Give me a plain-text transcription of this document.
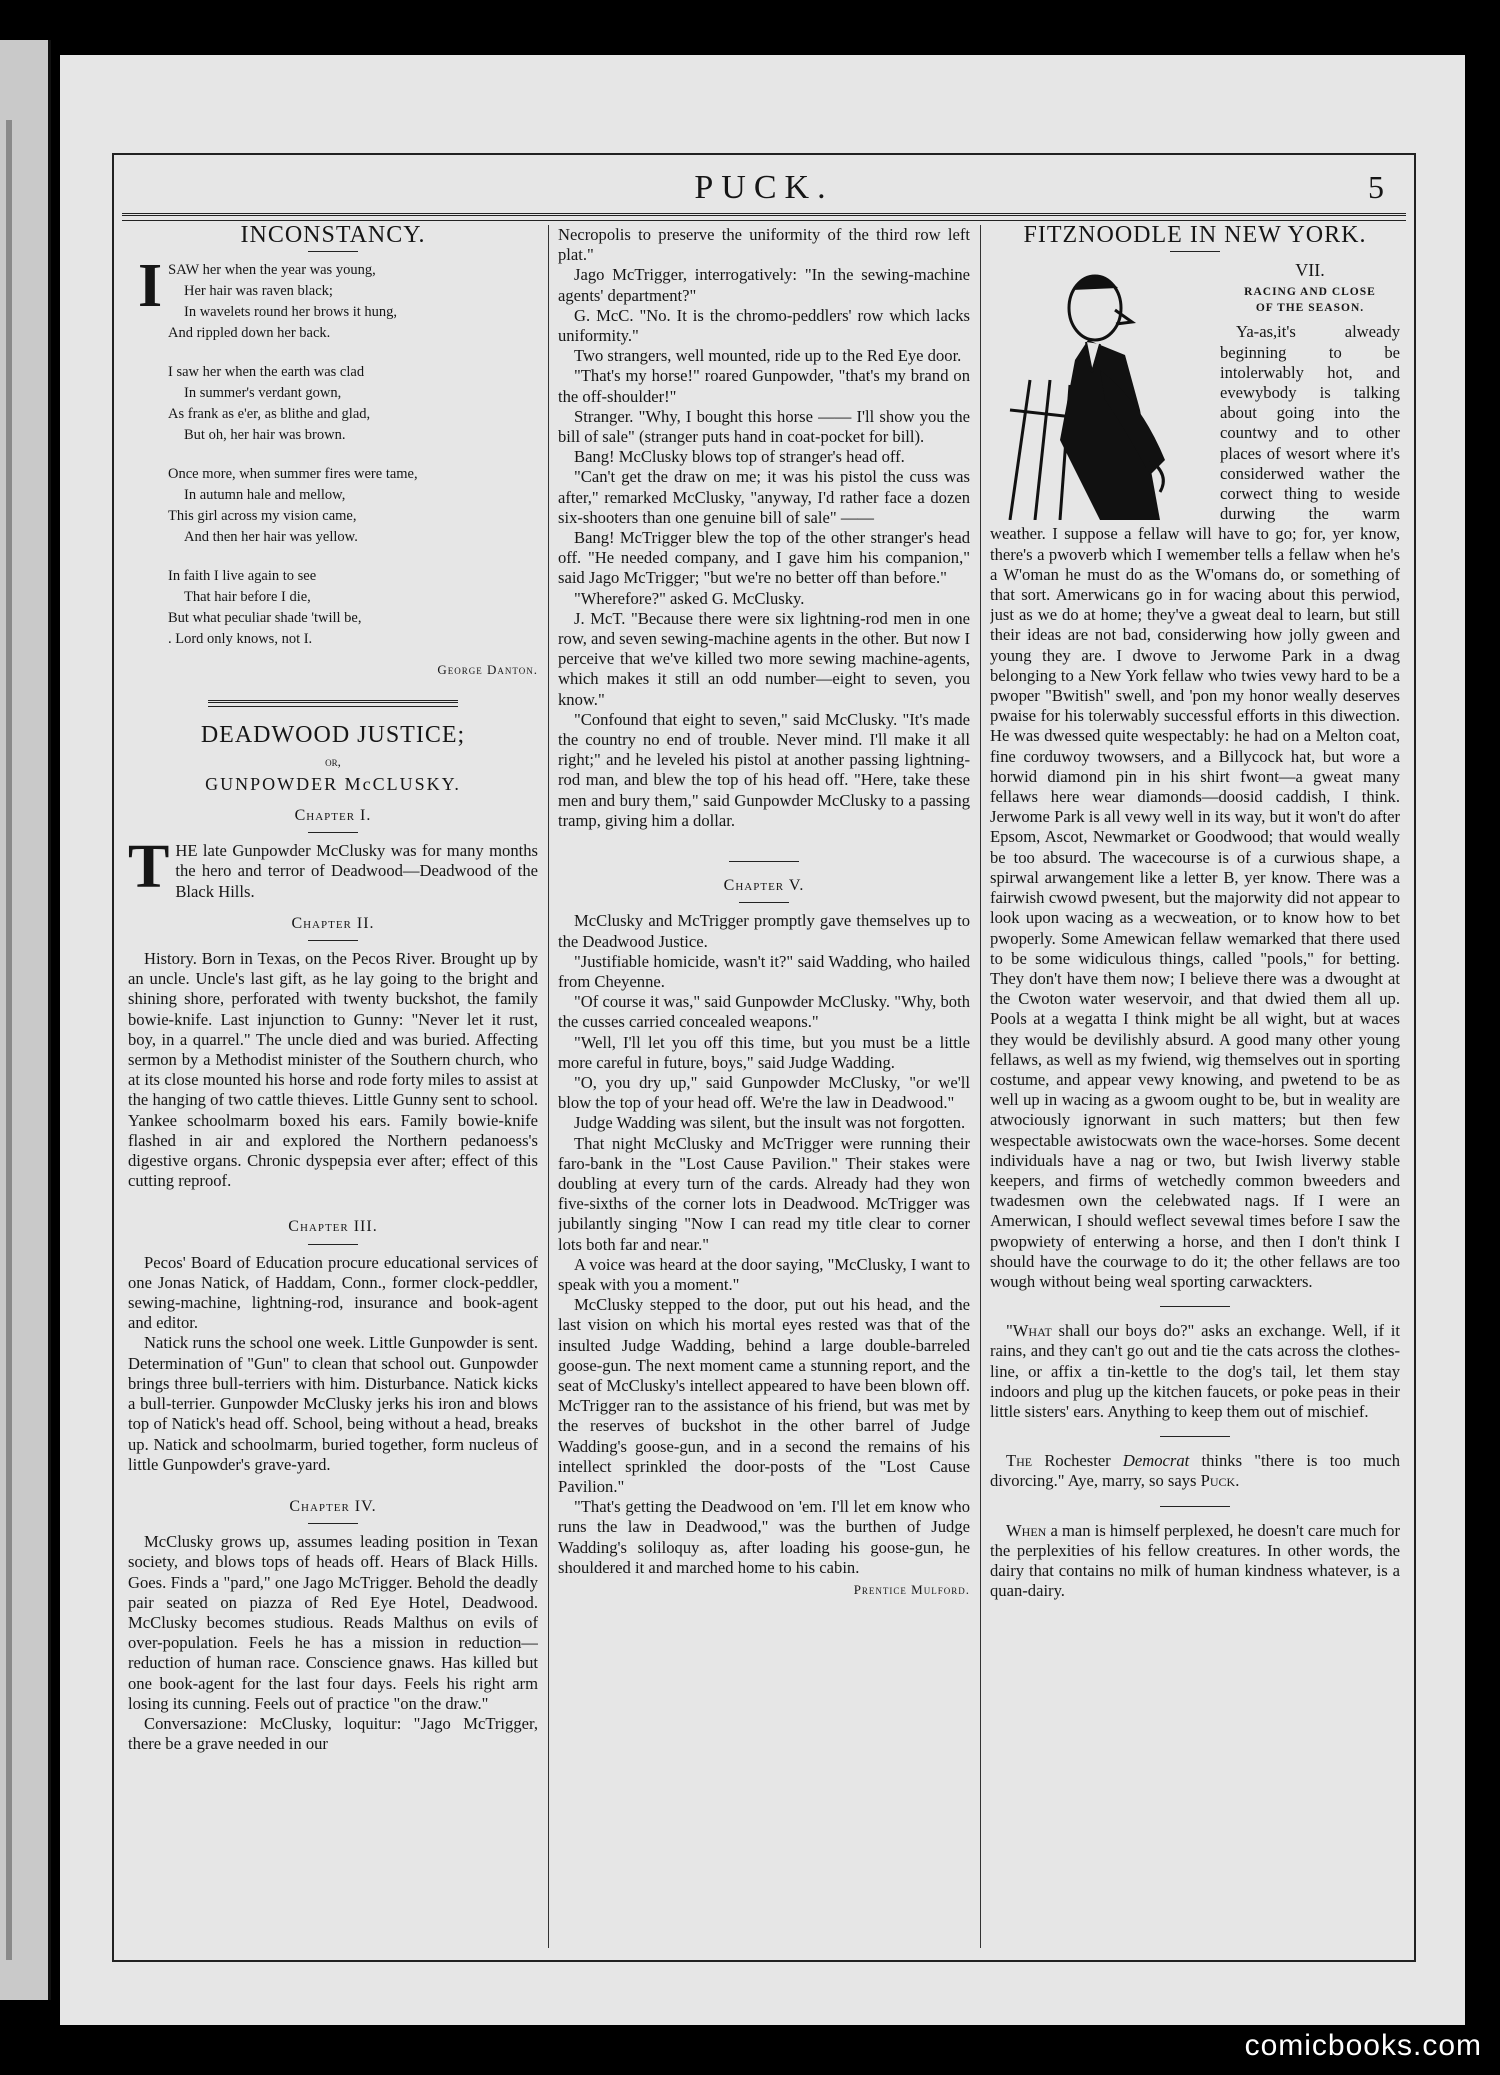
PUCK.	5
INCONSTANCY.
I SAW her when the year was young,
Her hair was raven black;
In wavelets round her brows it hung,
And rippled down her back.
I saw her when the earth was clad
In summer's verdant gown,
As frank as e'er, as blithe and glad,
But oh, her hair was brown.
Once more, when summer fires were tame,
In autumn hale and mellow,
This girl across my vision came,
And then her hair was yellow.
In faith I live again to see
That hair before I die,
But what peculiar shade 'twill be,
. Lord only knows, not I.
George Danton.
DEADWOOD JUSTICE;
or,
GUNPOWDER McCLUSKY.
Chapter I.

T HE late Gunpowder McClusky was for many months the hero and terror of Deadwood—Deadwood of the Black Hills.

Chapter II.

History. Born in Texas, on the Pecos River. Brought up by an uncle. Uncle's last gift, as he lay going to the bright and shining shore, perforated with twenty buckshot, the family bowie-knife. Last injunction to Gunny: "Never let it rust, boy, in a quarrel." The uncle died and was buried. Affecting sermon by a Methodist minister of the Southern church, who at its close mounted his horse and rode forty miles to assist at the hanging of two cattle thieves. Little Gunny sent to school. Yankee schoolmarm boxed his ears. Family bowie-knife flashed in air and explored the Northern pedanoess's digestive organs. Chronic dyspepsia ever after; effect of this cutting reproof.

Chapter III.

Pecos' Board of Education procure educational services of one Jonas Natick, of Haddam, Conn., former clock-peddler, sewing-machine, lightning-rod, insurance and book-agent and editor.

Natick runs the school one week. Little Gunpowder is sent. Determination of "Gun" to clean that school out. Gunpowder brings three bull-terriers with him. Disturbance. Natick kicks a bull-terrier. Gunpowder McClusky jerks his iron and blows top of Natick's head off. School, being without a head, breaks up. Natick and schoolmarm, buried together, form nucleus of little Gunpowder's grave-yard.

Chapter IV.

McClusky grows up, assumes leading position in Texan society, and blows tops of heads off. Hears of Black Hills. Goes. Finds a "pard," one Jago McTrigger. Behold the deadly pair seated on piazza of Red Eye Hotel, Deadwood. McClusky becomes studious. Reads Malthus on evils of over-population. Feels he has a mission in reduction—reduction of human race. Conscience gnaws. Has killed but one book-agent for the last four days. Feels his right arm losing its cunning. Feels out of practice "on the draw."

Conversazione: McClusky, loquitur: "Jago McTrigger, there be a grave needed in our

Necropolis to preserve the uniformity of the third row left plat."

Jago McTrigger, interrogatively: "In the sewing-machine agents' department?"

G. McC. "No. It is the chromo-peddlers' row which lacks uniformity."

Two strangers, well mounted, ride up to the Red Eye door.

"That's my horse!" roared Gunpowder, "that's my brand on the off-shoulder!"

Stranger. "Why, I bought this horse —— I'll show you the bill of sale" (stranger puts hand in coat-pocket for bill).

Bang! McClusky blows top of stranger's head off.

"Can't get the draw on me; it was his pistol the cuss was after," remarked McClusky, "anyway, I'd rather face a dozen six-shooters than one genuine bill of sale" ——

Bang! McTrigger blew the top of the other stranger's head off. "He needed company, and I gave him his companion," said Jago McTrigger; "but we're no better off than before."

"Wherefore?" asked G. McClusky.

J. McT. "Because there were six lightning-rod men in one row, and seven sewing-machine agents in the other. But now I perceive that we've killed two more sewing machine-agents, which makes it still an odd number—eight to seven, you know."

"Confound that eight to seven," said McClusky. "It's made the country no end of trouble. Never mind. I'll make it all right;" and he leveled his pistol at another passing lightning-rod man, and blew the top of his head off. "Here, take these men and bury them," said Gunpowder McClusky to a passing tramp, giving him a dollar.

Chapter V.

McClusky and McTrigger promptly gave themselves up to the Deadwood Justice.

"Justifiable homicide, wasn't it?" said Wadding, who hailed from Cheyenne.

"Of course it was," said Gunpowder McClusky. "Why, both the cusses carried concealed weapons."

"Well, I'll let you off this time, but you must be a little more careful in future, boys," said Judge Wadding.

"O, you dry up," said Gunpowder McClusky, "or we'll blow the top of your head off. We're the law in Deadwood."

Judge Wadding was silent, but the insult was not forgotten.

That night McClusky and McTrigger were running their faro-bank in the "Lost Cause Pavilion." Their stakes were doubling at every turn of the cards. Already had they won five-sixths of the corner lots in Deadwood. McTrigger was jubilantly singing "Now I can read my title clear to corner lots both far and near."

A voice was heard at the door saying, "McClusky, I want to speak with you a moment."

McClusky stepped to the door, put out his head, and the last vision on which his mortal eyes rested was that of the insulted Judge Wadding, behind a large double-barreled goose-gun. The next moment came a stunning report, and the seat of McClusky's intellect appeared to have been blown off. McTrigger ran to the assistance of his friend, but was met by the reserves of buckshot in the other barrel of Judge Wadding's goose-gun, and in a second the remains of his intellect sprinkled the door-posts of the "Lost Cause Pavilion."

"That's getting the Deadwood on 'em. I'll let em know who runs the law in Deadwood," was the burthen of Judge Wadding's soliloquy as, after loading his goose-gun, he shouldered it and marched home to his cabin.

Prentice Mulford.
FITZNOODLE IN NEW YORK.
VII.
RACING AND CLOSE
OF THE SEASON.

Ya-as,it's alweady beginning to be intolerwably hot, and evewybody is talking about going into the countwy and to other places of wesort where it's considerwed wather the corwect thing to weside durwing the warm weather. I suppose a fellaw will have to go; for, yer know, there's a pwoverb which I wemember tells a fellaw when he's a W'oman he must do as the W'omans do, or something of that sort. Amerwicans go in for wacing about this perwiod, just as we do at home; they've a gweat deal to learn, but still their ideas are not bad, considerwing how jolly gween and young they are. I dwove to Jerwome Park in a dwag belonging to a New York fellaw who twies vewy hard to be a pwoper "Bwitish" swell, and 'pon my honor weally deserves pwaise for his tolerwably successful efforts in this diwection. He was dwessed quite wespectably: he had on a Melton coat, fine corduwoy twowsers, and a Billycock hat, but wore a horwid diamond pin in his shirt fwont—a gweat many fellaws here wear diamonds—doosid caddish, I think. Jerwome Park is all vewy well in its way, but it won't do after Epsom, Ascot, Newmarket or Goodwood; that would weally be too absurd. The wacecourse is of a curwious shape, a spirwal arwangement like a letter B, yer know. There was a fairwish cwowd pwesent, but the majorwity did not appear to look upon wacing as a wecweation, or to know how to bet pwoperly. Some Amewican fellaw wemarked that there used to be some widiculous things, called "pools," for betting. They don't have them now; I believe there was a dwought at the Cwoton water weservoir, and that dwied them all up. Pools at a wegatta I think might be all wight, but at waces they would be devilishly absurd. A good many other young fellaws, as well as my fwiend, wig themselves out in sporting costume, and appear vewy knowing, and pwetend to be as well up in wacing as a gwoom ought to be, but in weality are atwociously ignorwant in such matters; but then few wespectable awistocwats own the wace-horses. Some decent individuals have a nag or two, but Iwish liverwy stable keepers, and firms of wetchedly common bweeders and twadesmen own the celebwated nags. If I were an Amerwican, I should weflect sevewal times before I saw the pwopwiety of enterwing a horse, and then I don't think I should have the courwage to do it; the other fellaws are too wough without being weal sporting carwackters.

"What shall our boys do?" asks an exchange. Well, if it rains, and they can't go out and tie the cats across the clothes-line, or affix a tin-kettle to the dog's tail, let them stay indoors and plug up the kitchen faucets, or poke peas in their little sisters' ears. Anything to keep them out of mischief.

The Rochester Democrat thinks "there is too much divorcing." Aye, marry, so says Puck.

When a man is himself perplexed, he doesn't care much for the perplexities of his fellow creatures. In other words, the dairy that contains no milk of human kindness whatever, is a quan-dairy.

comicbooks.com
